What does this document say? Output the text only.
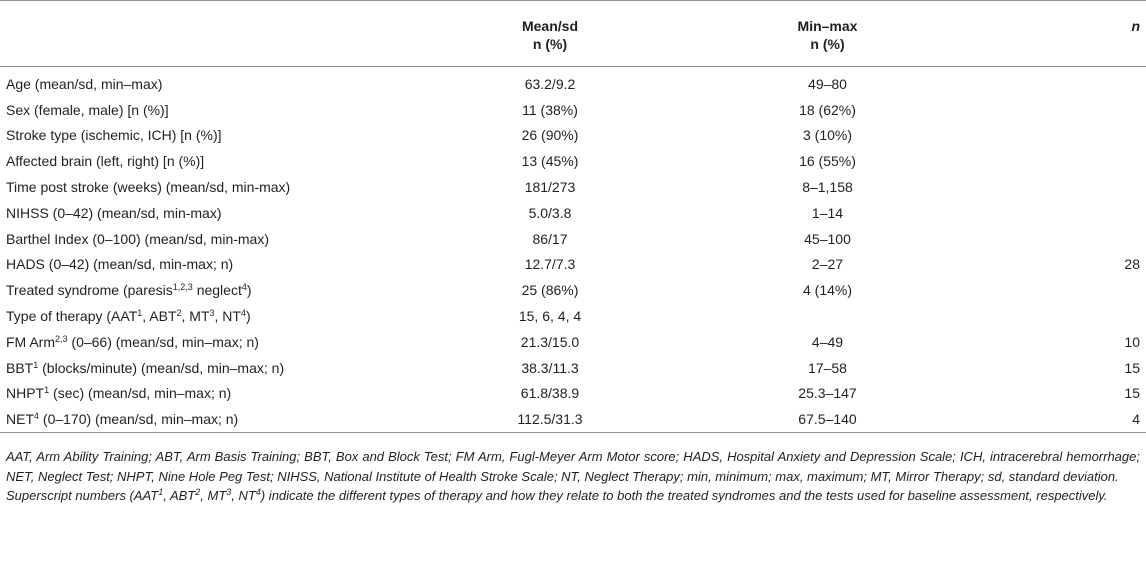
	Mean/sd	Min–max	n
	n (%)	n (%)	
Age (mean/sd, min–max)	63.2/9.2	49–80	
Sex (female, male) [n (%)]	11 (38%)	18 (62%)	
Stroke type (ischemic, ICH) [n (%)]	26 (90%)	3 (10%)	
Affected brain (left, right) [n (%)]	13 (45%)	16 (55%)	
Time post stroke (weeks) (mean/sd, min-max)	181/273	8–1,158	
NIHSS (0–42) (mean/sd, min-max)	5.0/3.8	1–14	
Barthel Index (0–100) (mean/sd, min-max)	86/17	45–100	
HADS (0–42) (mean/sd, min-max; n)	12.7/7.3	2–27	28
Treated syndrome (paresis$^{1,2,3}$ neglect$^4$)	25 (86%)	4 (14%)	
Type of therapy (AAT$^1$, ABT$^2$, $MT^3$, $NT^4$)	15, 6, 4, 4		
FM Arm$^{2,3}$ (0–66) (mean/sd, min–max; n)	21.3/15.0	4–49	10
BBT$^1$ (blocks/minute) (mean/sd, min–max; n)	38.3/11.3	17–58	15
NHPT$^1$ (sec) (mean/sd, min–max; n)	61.8/38.9	25.3–147	15
NET$^4$ (0–170) (mean/sd, min–max; n)	112.5/31.3	67.5–140	4

AAT, Arm Ability Training; ABT, Arm Basis Training; BBT, Box and Block Test; FM Arm, Fugl-Meyer Arm Motor score; HADS, Hospital Anxiety and Depression Scale; ICH, intracerebral hemorrhage; NET, Neglect Test; NHPT, Nine Hole Peg Test; NIHSS, National Institute of Health Stroke Scale; NT, Neglect Therapy; min, minimum; max, maximum; MT, Mirror Therapy; sd, standard deviation.

Superscript numbers (AAT$^1$, ABT$^2$, $MT^3$, $NT^4$) indicate the different types of therapy and how they relate to both the treated syndromes and the tests used for baseline assessment, respectively.
